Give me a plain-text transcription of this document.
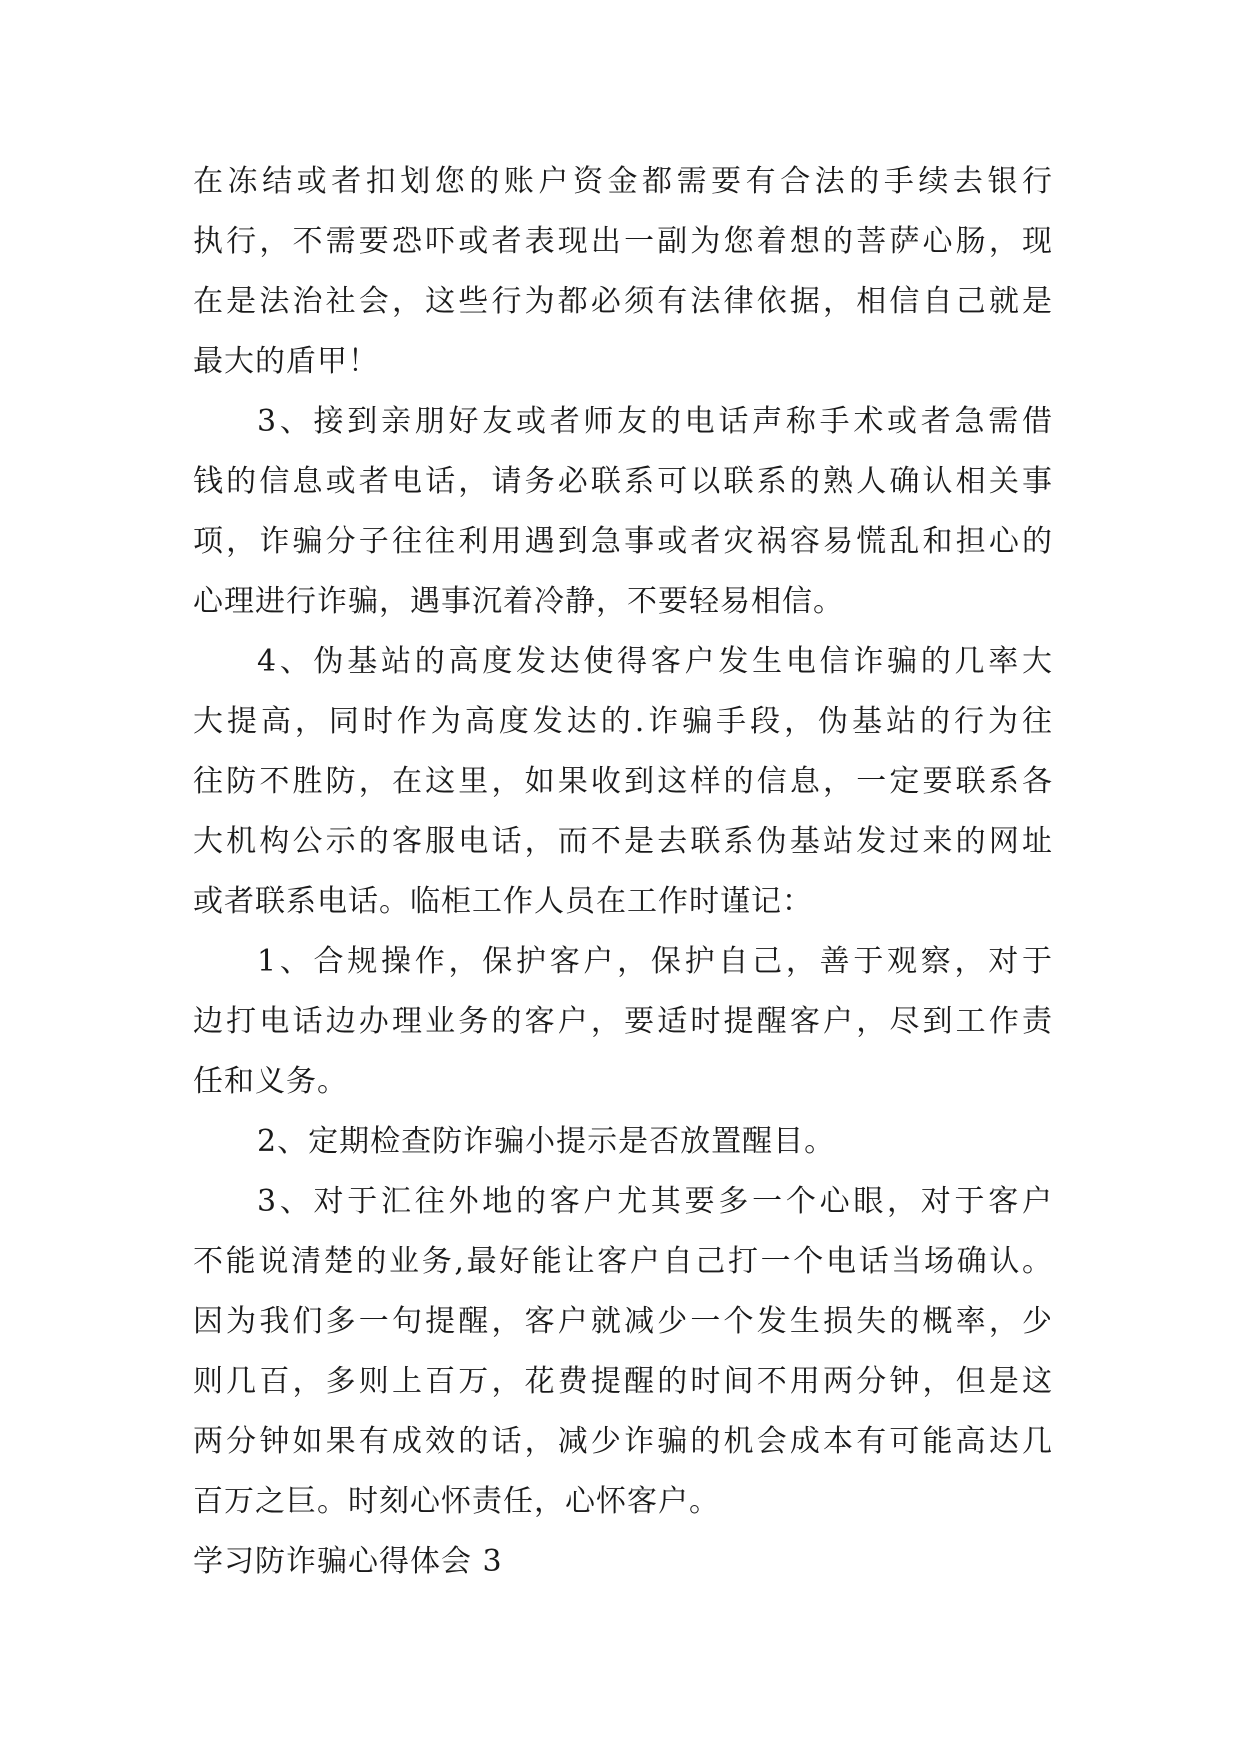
在冻结或者扣划您的账户资金都需要有合法的手续去银行
执行，不需要恐吓或者表现出一副为您着想的菩萨心肠，现
在是法治社会，这些行为都必须有法律依据，相信自己就是
最大的盾甲！
3、接到亲朋好友或者师友的电话声称手术或者急需借
钱的信息或者电话，请务必联系可以联系的熟人确认相关事
项，诈骗分子往往利用遇到急事或者灾祸容易慌乱和担心的
心理进行诈骗，遇事沉着冷静，不要轻易相信。
4、伪基站的高度发达使得客户发生电信诈骗的几率大
大提高，同时作为高度发达的.诈骗手段，伪基站的行为往
往防不胜防，在这里，如果收到这样的信息，一定要联系各
大机构公示的客服电话，而不是去联系伪基站发过来的网址
或者联系电话。临柜工作人员在工作时谨记：
1、合规操作，保护客户，保护自己，善于观察，对于
边打电话边办理业务的客户，要适时提醒客户，尽到工作责
任和义务。
2、定期检查防诈骗小提示是否放置醒目。
3、对于汇往外地的客户尤其要多一个心眼，对于客户
不能说清楚的业务,最好能让客户自己打一个电话当场确认。
因为我们多一句提醒，客户就减少一个发生损失的概率，少
则几百，多则上百万，花费提醒的时间不用两分钟，但是这
两分钟如果有成效的话，减少诈骗的机会成本有可能高达几
百万之巨。时刻心怀责任，心怀客户。
学习防诈骗心得体会 3
